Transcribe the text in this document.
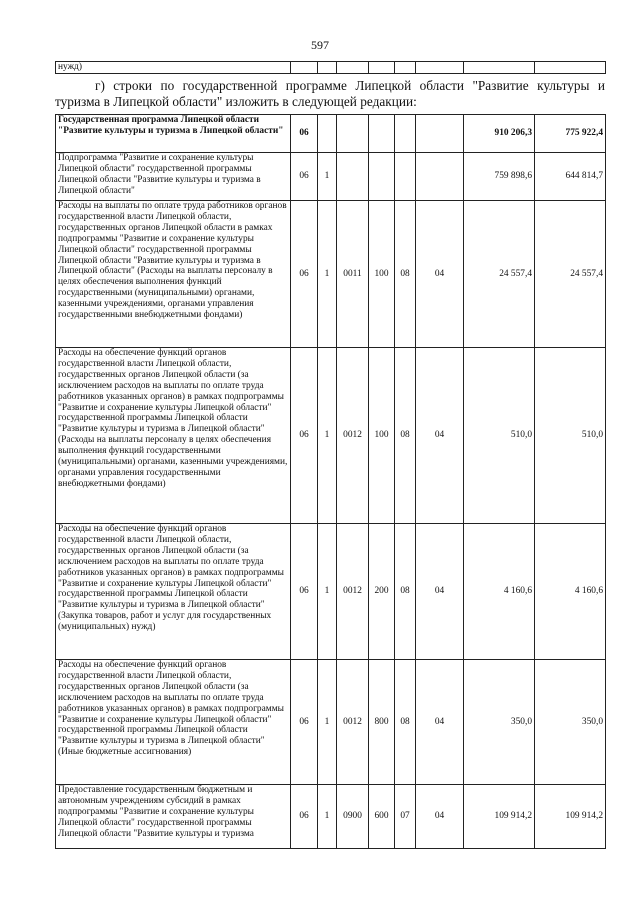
597
нужд)								

г) строки по государственной программе Липецкой области "Развитие культуры и туризма в Липецкой области" изложить в следующей редакции:

Государственная программа Липецкой области "Развитие культуры и туризма в Липецкой области"	06						910 206,3	775 922,4
Подпрограмма "Развитие и сохранение культуры Липецкой области" государственной программы Липецкой области "Развитие культуры и туризма в Липецкой области"	06	1					759 898,6	644 814,7
Расходы на выплаты по оплате труда работников органов государственной власти Липецкой области, государственных органов Липецкой области в рамках подпрограммы "Развитие и сохранение культуры Липецкой области" государственной программы Липецкой области "Развитие культуры и туризма в Липецкой области" (Расходы на выплаты персоналу в целях обеспечения выполнения функций государственными (муниципальными) органами, казенными учреждениями, органами управления государственными внебюджетными фондами)	06	1	0011	100	08	04	24 557,4	24 557,4
Расходы на обеспечение функций органов государственной власти Липецкой области, государственных органов Липецкой области (за исключением расходов на выплаты по оплате труда работников указанных органов) в рамках подпрограммы "Развитие и сохранение культуры Липецкой области" государственной программы Липецкой области "Развитие культуры и туризма в Липецкой области" (Расходы на выплаты персоналу в целях обеспечения выполнения функций государственными (муниципальными) органами, казенными учреждениями, органами управления государственными внебюджетными фондами)	06	1	0012	100	08	04	510,0	510,0
Расходы на обеспечение функций органов государственной власти Липецкой области, государственных органов Липецкой области (за исключением расходов на выплаты по оплате труда работников указанных органов) в рамках подпрограммы "Развитие и сохранение культуры Липецкой области" государственной программы Липецкой области "Развитие культуры и туризма в Липецкой области" (Закупка товаров, работ и услуг для государственных (муниципальных) нужд)	06	1	0012	200	08	04	4 160,6	4 160,6
Расходы на обеспечение функций органов государственной власти Липецкой области, государственных органов Липецкой области (за исключением расходов на выплаты по оплате труда работников указанных органов) в рамках подпрограммы "Развитие и сохранение культуры Липецкой области" государственной программы Липецкой области "Развитие культуры и туризма в Липецкой области" (Иные бюджетные ассигнования)	06	1	0012	800	08	04	350,0	350,0
Предоставление государственным бюджетным и автономным учреждениям субсидий в рамках подпрограммы "Развитие и сохранение культуры Липецкой области" государственной программы Липецкой области "Развитие культуры и туризма	06	1	0900	600	07	04	109 914,2	109 914,2
